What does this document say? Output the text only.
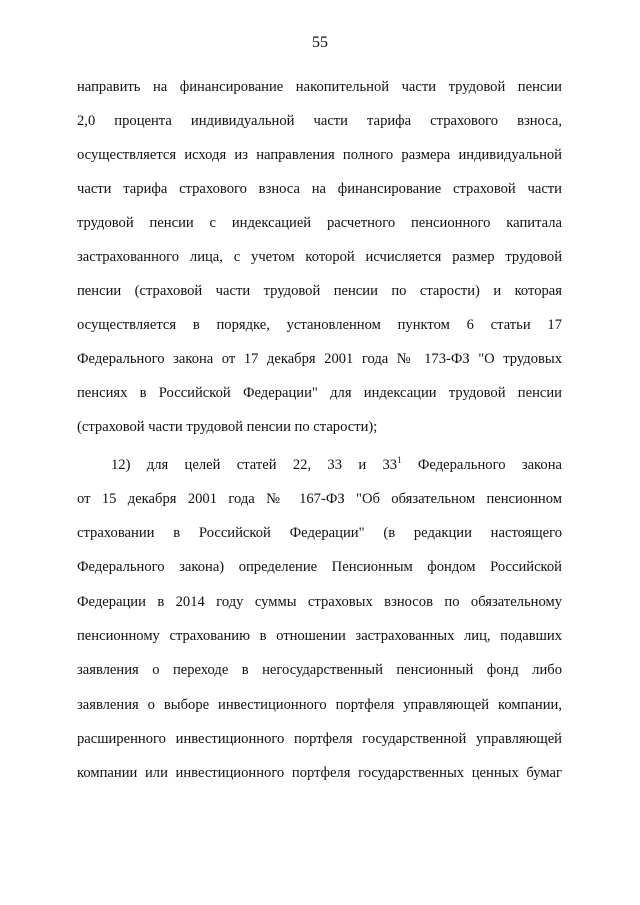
55
направить на финансирование накопительной части трудовой пенсии
2,0 процента индивидуальной части тарифа страхового взноса,
осуществляется исходя из направления полного размера индивидуальной
части тарифа страхового взноса на финансирование страховой части
трудовой пенсии с индексацией расчетного пенсионного капитала
застрахованного лица, с учетом которой исчисляется размер трудовой
пенсии (страховой части трудовой пенсии по старости) и которая
осуществляется в порядке, установленном пунктом 6 статьи 17
Федерального закона от 17 декабря 2001 года № 173-ФЗ "О трудовых
пенсиях в Российской Федерации" для индексации трудовой пенсии
(страховой части трудовой пенсии по старости);
12) для целей статей 22, 33 и $33^1$ Федерального закона
от 15 декабря 2001 года № 167-ФЗ "Об обязательном пенсионном
страховании в Российской Федерации" (в редакции настоящего
Федерального закона) определение Пенсионным фондом Российской
Федерации в 2014 году суммы страховых взносов по обязательному
пенсионному страхованию в отношении застрахованных лиц, подавших
заявления о переходе в негосударственный пенсионный фонд либо
заявления о выборе инвестиционного портфеля управляющей компании,
расширенного инвестиционного портфеля государственной управляющей
компании или инвестиционного портфеля государственных ценных бумаг
